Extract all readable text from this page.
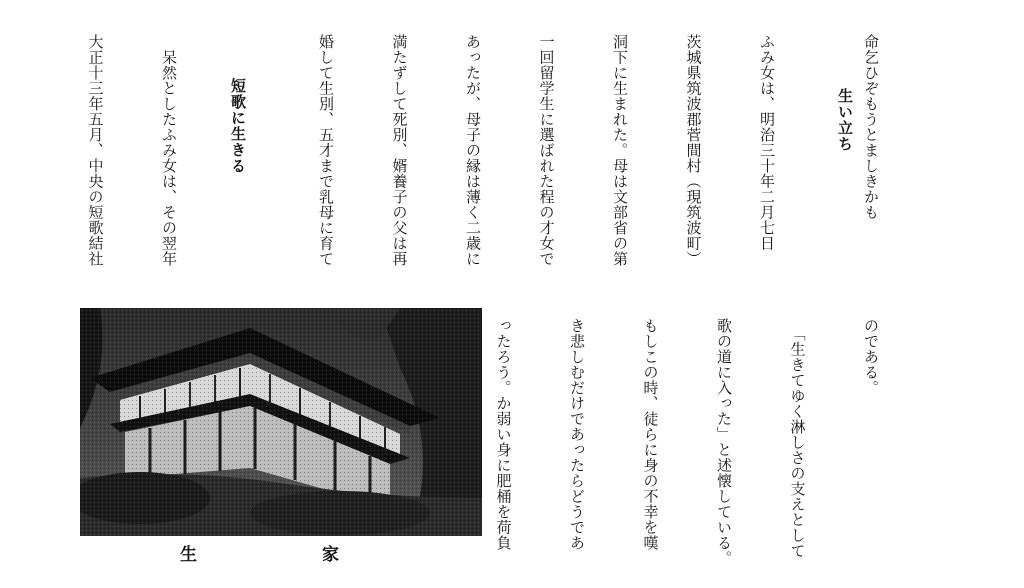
命乞ひぞもうとましきかも

生い立ち

ふみ女は、明治三十年二月七日

茨城県筑波郡菅間村（現筑波町）

洞下に生まれた。母は文部省の第

一回留学生に選ばれた程の才女で

あったが、母子の縁は薄く二歳に

満たずして死別、婿養子の父は再

婚して生別、五才まで乳母に育て

短歌に生きる

　呆然としたふみ女は、その翌年

大正十三年五月、中央の短歌結社

のである。

　「生きてゆく淋しさの支えとして

歌の道に入った」と述懐している。

もしこの時、徒らに身の不幸を嘆

き悲しむだけであったらどうであ

ったろう。か弱い身に肥桶を荷負

生	家
